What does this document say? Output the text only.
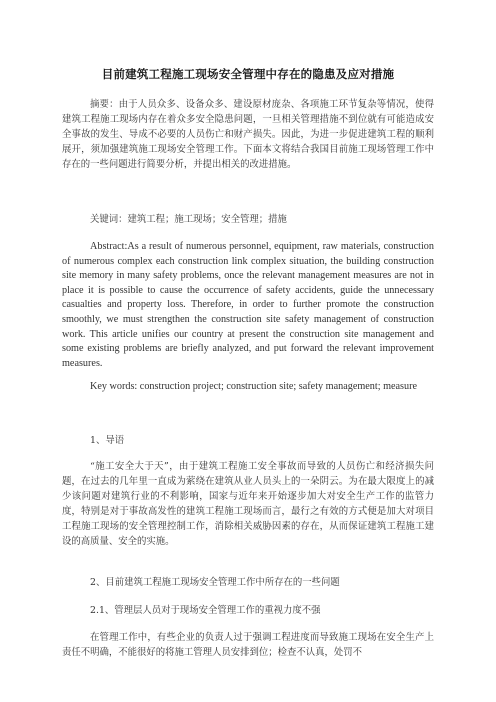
目前建筑工程施工现场安全管理中存在的隐患及应对措施
摘要：由于人员众多、设备众多、建设原材庞杂、各项施工环节复杂等情况，使得建筑工程施工现场内存在着众多安全隐患问题，一旦相关管理措施不到位就有可能造成安全事故的发生、导成不必要的人员伤亡和财产损失。因此，为进一步促进建筑工程的顺利展开，须加强建筑施工现场安全管理工作。下面本文将结合我国目前施工现场管理工作中存在的一些问题进行简要分析，并提出相关的改进措施。
关键词：建筑工程；施工现场；安全管理；措施
Abstract:As a result of numerous personnel, equipment, raw materials, construction of numerous complex each construction link complex situation, the building construction site memory in many safety problems, once the relevant management measures are not in place it is possible to cause the occurrence of safety accidents, guide the unnecessary casualties and property loss. Therefore, in order to further promote the construction smoothly, we must strengthen the construction site safety management of construction work. This article unifies our country at present the construction site management and some existing problems are briefly analyzed, and put forward the relevant improvement measures.
Key words: construction project; construction site; safety management; measure
1、导语
“施工安全大于天”，由于建筑工程施工安全事故而导致的人员伤亡和经济损失问题，在过去的几年里一直成为萦绕在建筑从业人员头上的一朵阴云。为在最大限度上的减少该问题对建筑行业的不利影响，国家与近年来开始逐步加大对安全生产工作的监管力度，特别是对于事故高发性的建筑工程施工现场而言，最行之有效的方式便是加大对项目工程施工现场的安全管理控制工作，消除相关威胁因素的存在，从而保证建筑工程施工建设的高质量、安全的实施。
2、目前建筑工程施工现场安全管理工作中所存在的一些问题
2.1、管理层人员对于现场安全管理工作的重视力度不强
在管理工作中，有些企业的负责人过于强调工程进度而导致施工现场在安全生产上责任不明确，不能很好的将施工管理人员安排到位；检查不认真，处罚不
